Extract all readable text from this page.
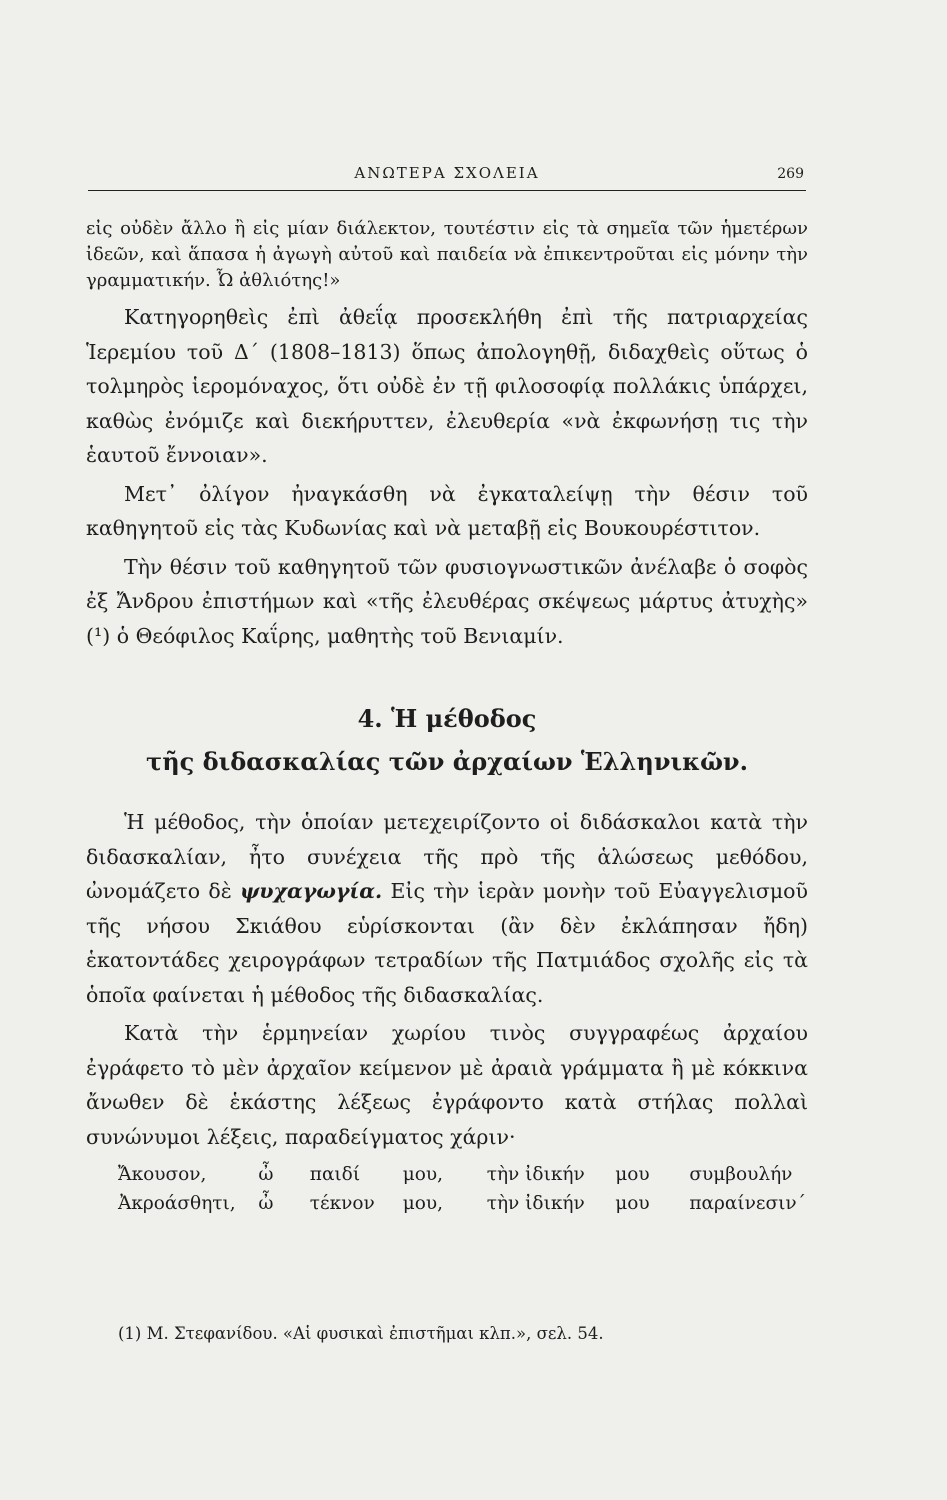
ΑΝΩΤΕΡΑ ΣΧΟΛΕΙΑ	269

εἰς οὐδὲν ἄλλο ἢ εἰς μίαν διάλεκτον, τουτέστιν εἰς τὰ σημεῖα τῶν ἡμετέρων ἰδεῶν, καὶ ἅπασα ἡ ἀγωγὴ αὐτοῦ καὶ παιδεία νὰ ἐπικεντροῦται εἰς μόνην τὴν γραμματικήν. Ὦ ἀθλιότης!»

Κατηγορηθεὶς ἐπὶ ἀθεΐᾳ προσεκλήθη ἐπὶ τῆς πατριαρχείας Ἱερεμίου τοῦ Δ΄ (1808–1813) ὅπως ἀπολογηθῇ, διδαχθεὶς οὕτως ὁ τολμηρὸς ἱερομόναχος, ὅτι οὐδὲ ἐν τῇ φιλοσοφίᾳ πολλάκις ὑπάρχει, καθὼς ἐνόμιζε καὶ διεκήρυττεν, ἐλευθερία «νὰ ἐκφωνήσῃ τις τὴν ἑαυτοῦ ἔννοιαν».

Μετ᾽ ὀλίγον ἠναγκάσθη νὰ ἐγκαταλείψῃ τὴν θέσιν τοῦ καθηγητοῦ εἰς τὰς Κυδωνίας καὶ νὰ μεταβῇ εἰς Βουκουρέστιτον.

Τὴν θέσιν τοῦ καθηγητοῦ τῶν φυσιογνωστικῶν ἀνέλαβε ὁ σοφὸς ἐξ Ἄνδρου ἐπιστήμων καὶ «τῆς ἐλευθέρας σκέψεως μάρτυς ἀτυχὴς» (¹) ὁ Θεόφιλος Καΐρης, μαθητὴς τοῦ Βενιαμίν.

4. Ἡ μέθοδος
τῆς διδασκαλίας τῶν ἀρχαίων Ἑλληνικῶν.

Ἡ μέθοδος, τὴν ὁποίαν μετεχειρίζοντο οἱ διδάσκαλοι κατὰ τὴν διδασκαλίαν, ἦτο συνέχεια τῆς πρὸ τῆς ἁλώσεως μεθόδου, ὠνομάζετο δὲ ψυχαγωγία. Εἰς τὴν ἱερὰν μονὴν τοῦ Εὐαγγελισμοῦ τῆς νήσου Σκιάθου εὑρίσκονται (ἂν δὲν ἐκλάπησαν ἤδη) ἑκατοντάδες χειρογράφων τετραδίων τῆς Πατμιάδος σχολῆς εἰς τὰ ὁποῖα φαίνεται ἡ μέθοδος τῆς διδασκαλίας.

Κατὰ τὴν ἑρμηνείαν χωρίου τινὸς συγγραφέως ἀρχαίου ἐγράφετο τὸ μὲν ἀρχαῖον κείμενον μὲ ἀραιὰ γράμματα ἢ μὲ κόκκινα ἄνωθεν δὲ ἑκάστης λέξεως ἐγράφοντο κατὰ στήλας πολλαὶ συνώνυμοι λέξεις, παραδείγματος χάριν·

Ἄκουσον,	ὦ	παιδί	μου,	τὴν ἰδικήν	μου	συμβουλήν
Ἀκροάσθητι,	ὦ	τέκνον	μου,	τὴν ἰδικήν	μου	παραίνεσιν΄
(1) Μ. Στεφανίδου. «Αἱ φυσικαὶ ἐπιστῆμαι κλπ.», σελ. 54.
